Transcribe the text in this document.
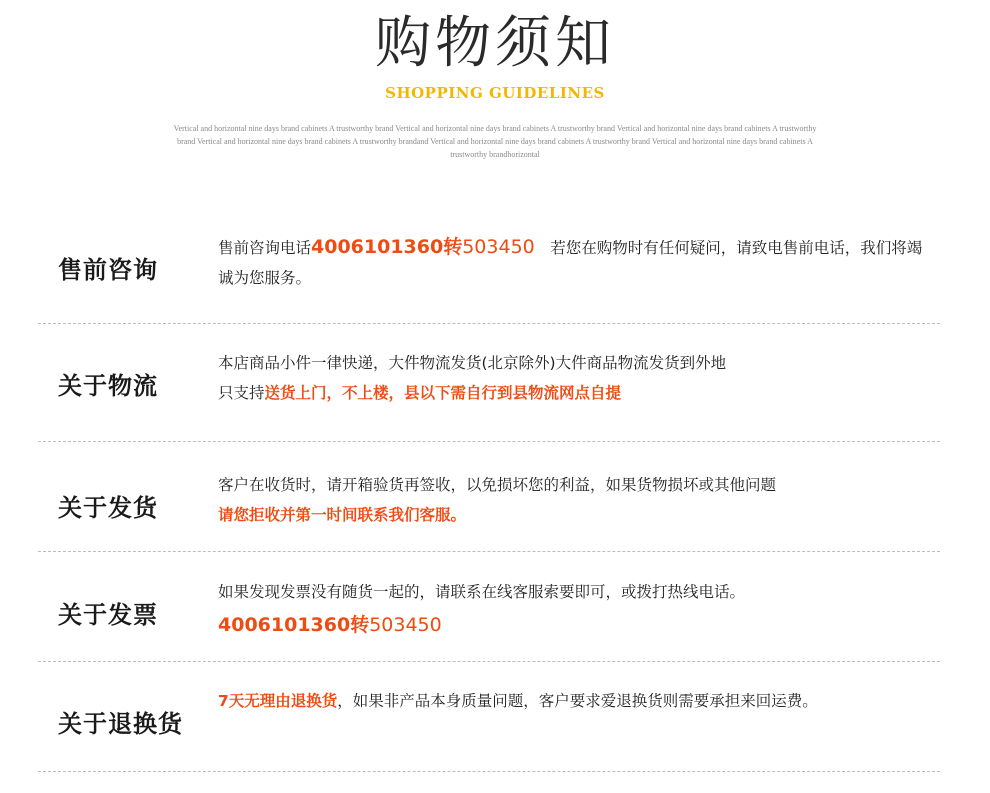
购物须知
SHOPPING GUIDELINES
Vertical and horizontal nine days brand cabinets A trustworthy brand Vertical and horizontal nine days brand cabinets A trustworthy brand Vertical and horizontal nine days brand cabinets A trustworthy brand Vertical and horizontal nine days brand cabinets A trustworthy brandand Vertical and horizontal nine days brand cabinets A trustworthy brand Vertical and horizontal nine days brand cabinets A trustworthy brandhorizontal
售前咨询
售前咨询电话4006101360转503450　若您在购物时有任何疑问，请致电售前电话，我们将竭诚为您服务。
关于物流
本店商品小件一律快递，大件物流发货(北京除外)大件商品物流发货到外地
只支持送货上门，不上楼，县以下需自行到县物流网点自提
关于发货
客户在收货时，请开箱验货再签收，以免损坏您的利益，如果货物损坏或其他问题
请您拒收并第一时间联系我们客服。
关于发票
如果发现发票没有随货一起的，请联系在线客服索要即可，或拨打热线电话。
4006101360转503450
关于退换货
7天无理由退换货，如果非产品本身质量问题，客户要求爱退换货则需要承担来回运费。
